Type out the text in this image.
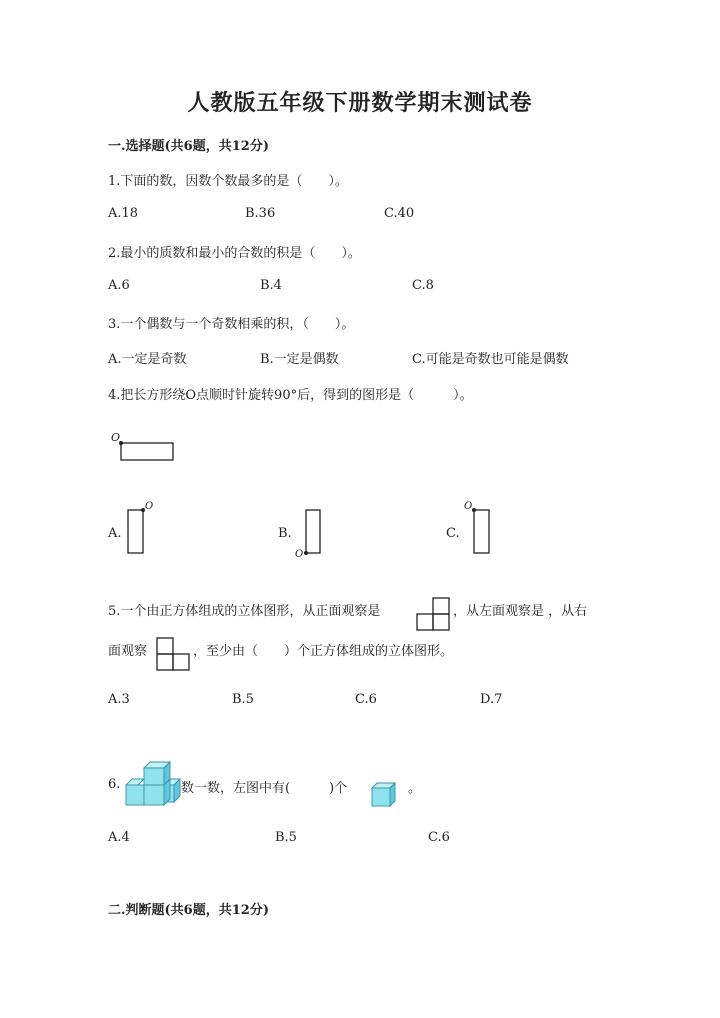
人教版五年级下册数学期末测试卷
一.选择题(共6题，共12分)
1.下面的数，因数个数最多的是（　　）。
A.18	B.36	C.40
2.最小的质数和最小的合数的积是（　　）。
A.6	B.4	C.8
3.一个偶数与一个奇数相乘的积，（　　）。
A.一定是奇数	B.一定是偶数	C.可能是奇数也可能是偶数
4.把长方形绕O点顺时针旋转90°后，得到的图形是（　　　）。
O
A.
O
B.
O
C.
O
5.一个由正方体组成的立体图形，从正面观察是	，从左面观察是 ，从右
面观察	，至少由（　　）个正方体组成的立体图形。
A.3	B.5	C.6	D.7
6.	数一数，左图中有(　　　)个	。
A.4	B.5	C.6
二.判断题(共6题，共12分)
